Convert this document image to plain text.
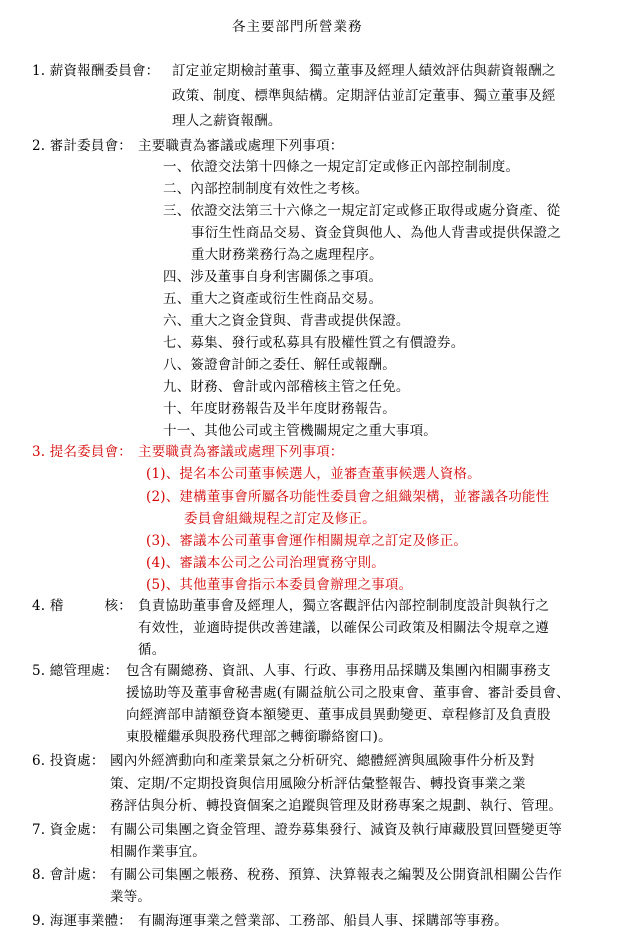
各主要部門所營業務
1. 薪資報酬委員會： 訂定並定期檢討董事、獨立董事及經理人績效評估與薪資報酬之
政策、制度、標準與結構。定期評估並訂定董事、獨立董事及經
理人之薪資報酬。
2. 審計委員會： 主要職責為審議或處理下列事項：
一、依證交法第十四條之一規定訂定或修正內部控制制度。
二、內部控制制度有效性之考核。
三、依證交法第三十六條之一規定訂定或修正取得或處分資產、從
事衍生性商品交易、資金貸與他人、為他人背書或提供保證之
重大財務業務行為之處理程序。
四、涉及董事自身利害關係之事項。
五、重大之資產或衍生性商品交易。
六、重大之資金貸與、背書或提供保證。
七、募集、發行或私募具有股權性質之有價證券。
八、簽證會計師之委任、解任或報酬。
九、財務、會計或內部稽核主管之任免。
十、年度財務報告及半年度財務報告。
十一、其他公司或主管機關規定之重大事項。
3. 提名委員會： 主要職責為審議或處理下列事項：
(1)、提名本公司董事候選人，並審查董事候選人資格。
(2)、建構董事會所屬各功能性委員會之組織架構，並審議各功能性
委員會組織規程之訂定及修正。
(3)、審議本公司董事會運作相關規章之訂定及修正。
(4)、審議本公司之公司治理實務守則。
(5)、其他董事會指示本委員會辦理之事項。
4. 稽　　　核： 負責協助董事會及經理人，獨立客觀評估內部控制制度設計與執行之
有效性，並適時提供改善建議，以確保公司政策及相關法令規章之遵
循。
5. 總管理處： 包含有關總務、資訊、人事、行政、事務用品採購及集團內相關事務支
援協助等及董事會秘書處(有關益航公司之股東會、董事會、審計委員會、
向經濟部申請額登資本額變更、董事成員異動變更、章程修訂及負責股
東股權繼承與股務代理部之轉銜聯絡窗口)。
6. 投資處： 國內外經濟動向和產業景氣之分析研究、總體經濟與風險事件分析及對
策、定期/不定期投資與信用風險分析評估彙整報告、轉投資事業之業
務評估與分析、轉投資個案之追蹤與管理及財務專案之規劃、執行、管理。
7. 資金處： 有關公司集團之資金管理、證券募集發行、減資及執行庫藏股買回暨變更等
相關作業事宜。
8. 會計處： 有關公司集團之帳務、稅務、預算、決算報表之編製及公開資訊相關公告作
業等。
9. 海運事業體： 有關海運事業之營業部、工務部、船員人事、採購部等事務。
